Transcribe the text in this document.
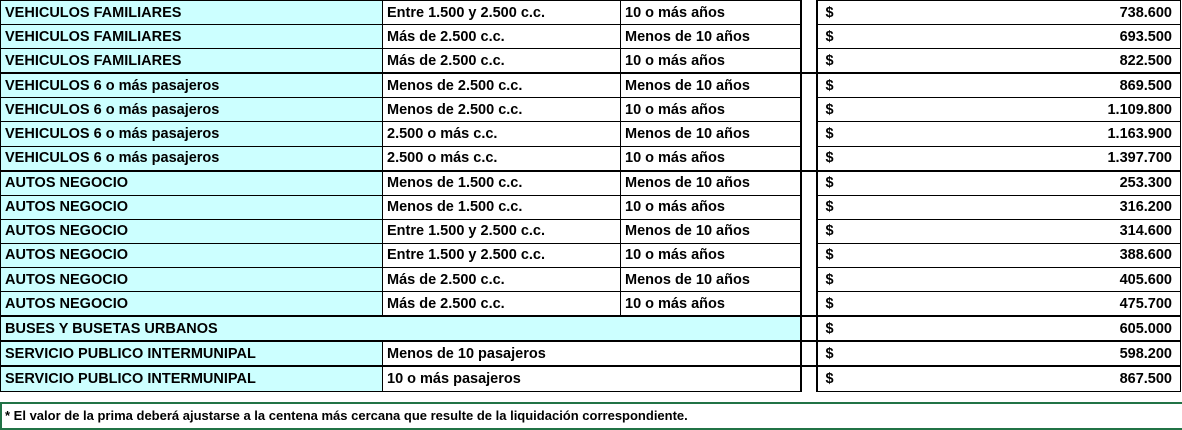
VEHICULOS FAMILIARES	Entre 1.500 y 2.500 c.c.	10 o más años		$ 738.600

VEHICULOS FAMILIARES	Más de 2.500 c.c.	Menos de 10 años		$ 693.500

VEHICULOS FAMILIARES	Más de 2.500 c.c.	10 o más años		$ 822.500

VEHICULOS 6 o más pasajeros	Menos de 2.500 c.c.	Menos de 10 años		$ 869.500

VEHICULOS 6 o más pasajeros	Menos de 2.500 c.c.	10 o más años		$ 1.109.800

VEHICULOS 6 o más pasajeros	2.500 o más c.c.	Menos de 10 años		$ 1.163.900

VEHICULOS 6 o más pasajeros	2.500 o más c.c.	10 o más años		$ 1.397.700

AUTOS NEGOCIO	Menos de 1.500 c.c.	Menos de 10 años		$ 253.300

AUTOS NEGOCIO	Menos de 1.500 c.c.	10 o más años		$ 316.200

AUTOS NEGOCIO	Entre 1.500 y 2.500 c.c.	Menos de 10 años		$ 314.600

AUTOS NEGOCIO	Entre 1.500 y 2.500 c.c.	10 o más años		$ 388.600

AUTOS NEGOCIO	Más de 2.500 c.c.	Menos de 10 años		$ 405.600

AUTOS NEGOCIO	Más de 2.500 c.c.	10 o más años		$ 475.700

BUSES Y BUSETAS URBANOS				$ 605.000

SERVICIO PUBLICO INTERMUNIPAL	Menos de 10 pasajeros			$ 598.200

SERVICIO PUBLICO INTERMUNIPAL	10 o más pasajeros			$ 867.500
* El valor de la prima deberá ajustarse a la centena más cercana que resulte de la liquidación correspondiente.
